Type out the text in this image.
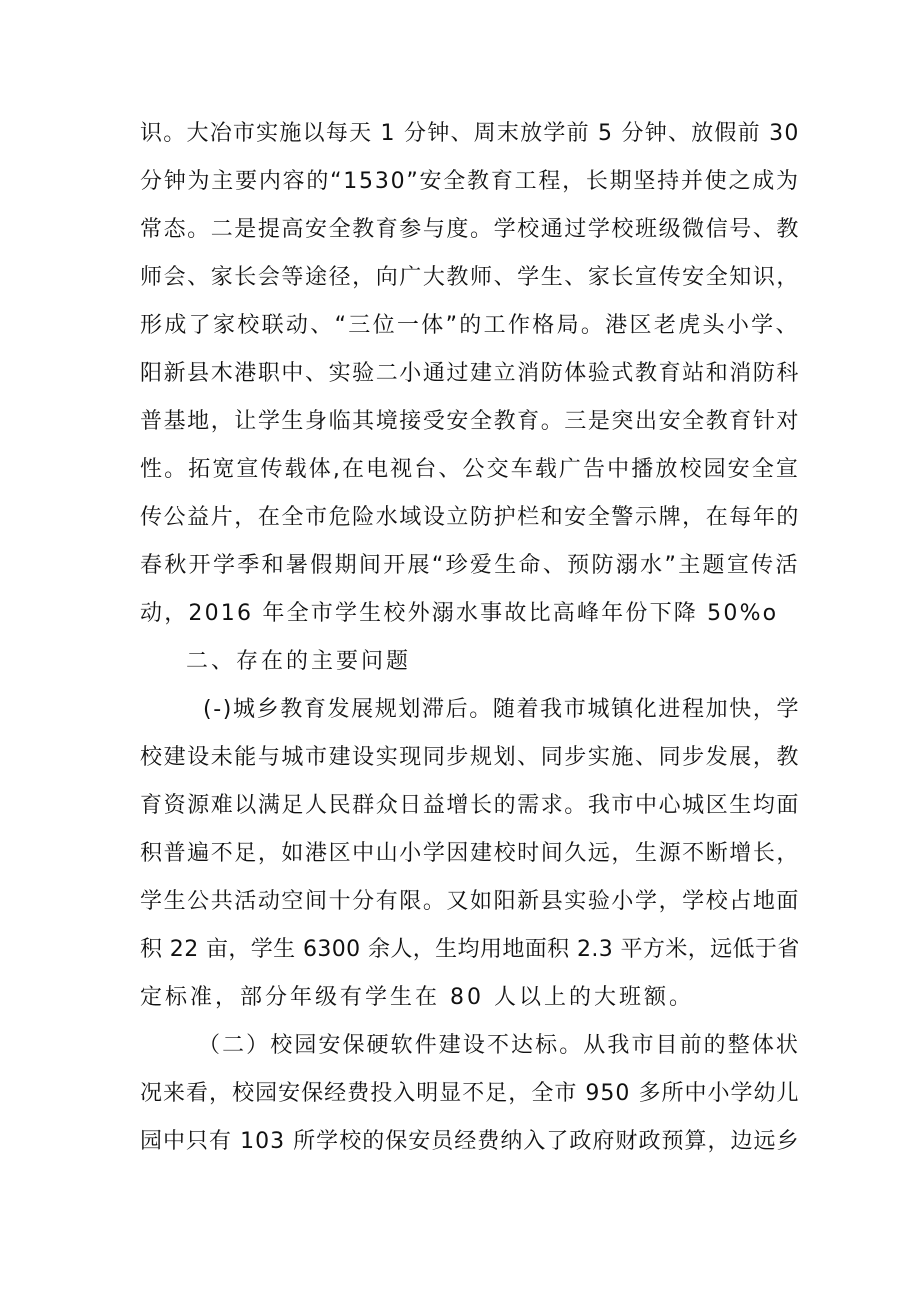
识。大冶市实施以每天 1 分钟、周末放学前 5 分钟、放假前 30
分钟为主要内容的“1530”安全教育工程，长期坚持并使之成为
常态。二是提高安全教育参与度。学校通过学校班级微信号、教
师会、家长会等途径，向广大教师、学生、家长宣传安全知识，
形成了家校联动、“三位一体”的工作格局。港区老虎头小学、
阳新县木港职中、实验二小通过建立消防体验式教育站和消防科
普基地，让学生身临其境接受安全教育。三是突出安全教育针对
性。拓宽宣传载体,在电视台、公交车载广告中播放校园安全宣
传公益片，在全市危险水域设立防护栏和安全警示牌，在每年的
春秋开学季和暑假期间开展“珍爱生命、预防溺水”主题宣传活
动，2016 年全市学生校外溺水事故比高峰年份下降 50%o
二、存在的主要问题
(-)城乡教育发展规划滞后。随着我市城镇化进程加快，学
校建设未能与城市建设实现同步规划、同步实施、同步发展，教
育资源难以满足人民群众日益增长的需求。我市中心城区生均面
积普遍不足，如港区中山小学因建校时间久远，生源不断增长，
学生公共活动空间十分有限。又如阳新县实验小学，学校占地面
积 22 亩，学生 6300 余人，生均用地面积 2.3 平方米，远低于省
定标准，部分年级有学生在 80 人以上的大班额。
（二）校园安保硬软件建设不达标。从我市目前的整体状
况来看，校园安保经费投入明显不足，全市 950 多所中小学幼儿
园中只有 103 所学校的保安员经费纳入了政府财政预算，边远乡
